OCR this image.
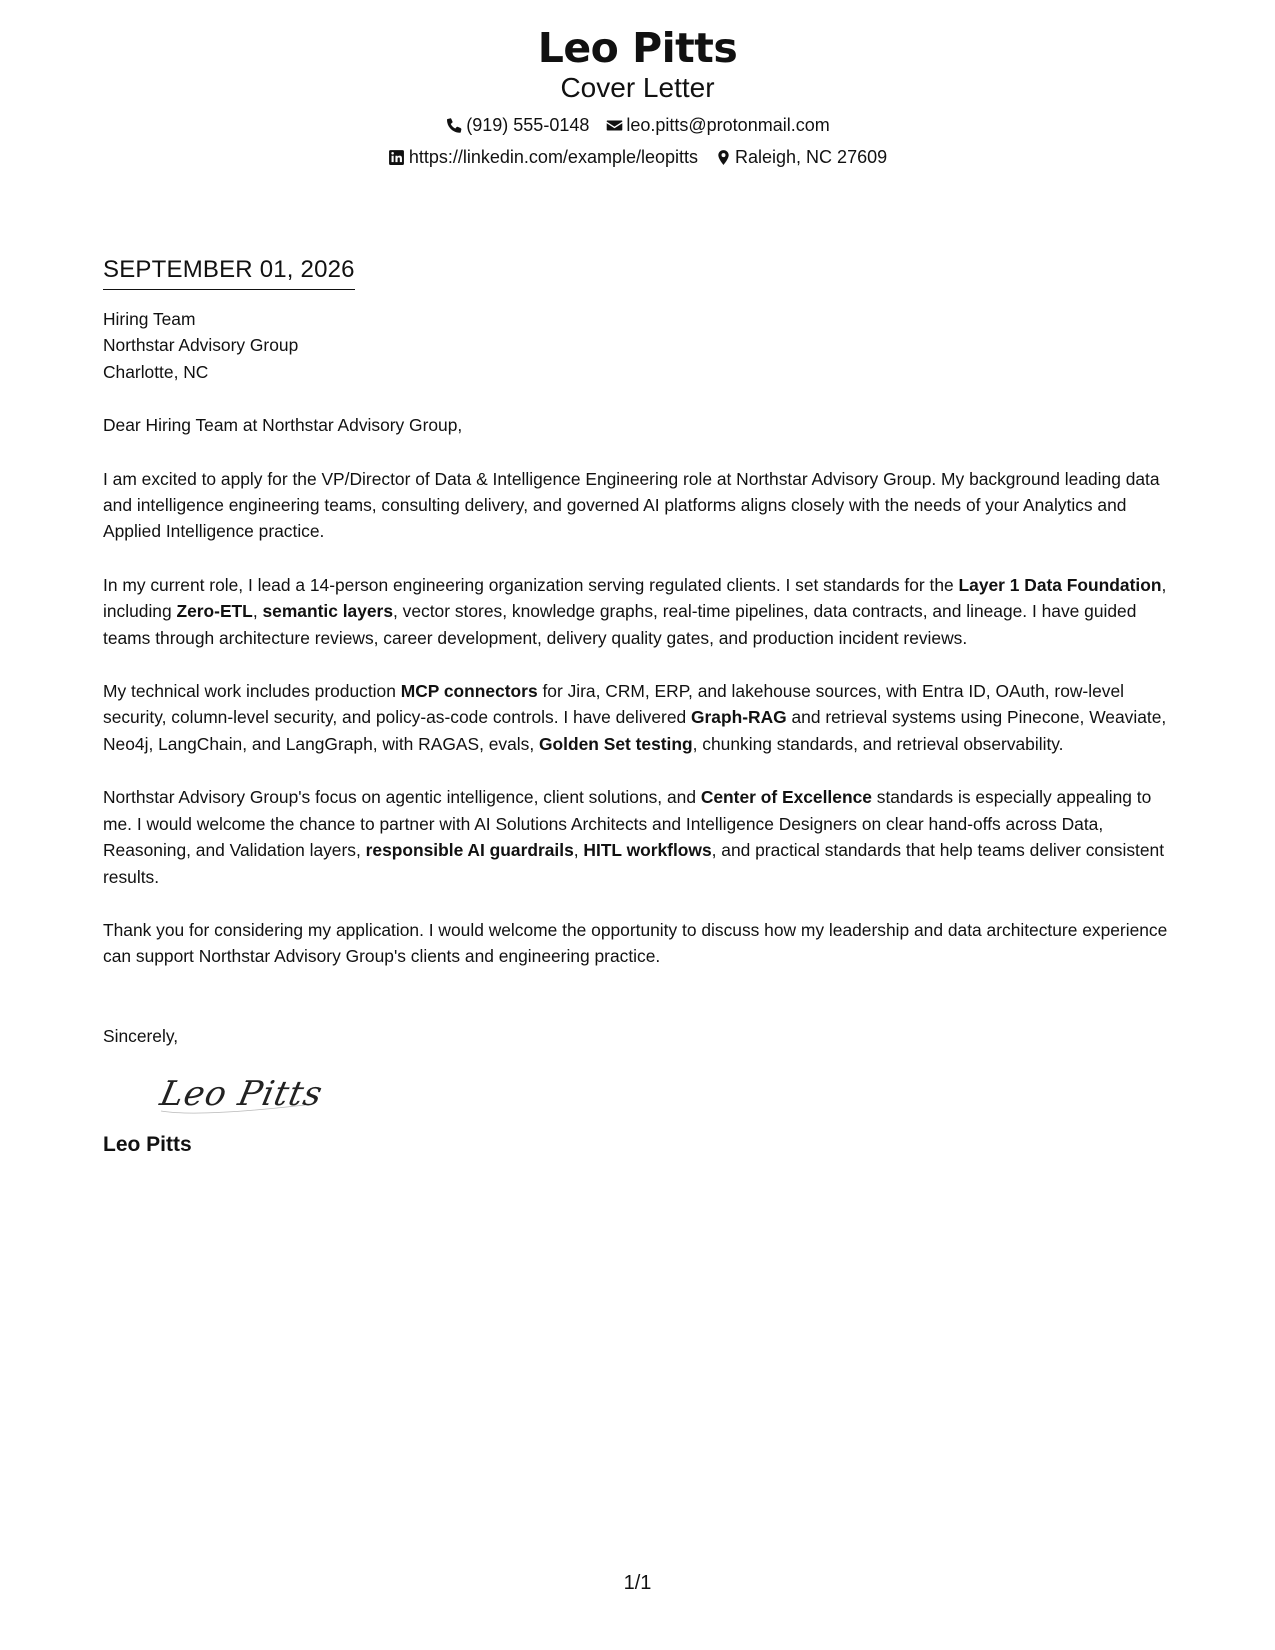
Leo Pitts
Cover Letter
(919) 555-0148 leo.pitts@protonmail.com
https://linkedin.com/example/leopitts Raleigh, NC 27609
SEPTEMBER 01, 2026
Hiring Team
Northstar Advisory Group
Charlotte, NC
Dear Hiring Team at Northstar Advisory Group,

I am excited to apply for the VP/Director of Data & Intelligence Engineering role at Northstar Advisory Group. My background leading data and intelligence engineering teams, consulting delivery, and governed AI platforms aligns closely with the needs of your Analytics and Applied Intelligence practice.

In my current role, I lead a 14-person engineering organization serving regulated clients. I set standards for the Layer 1 Data Foundation, including Zero-ETL, semantic layers, vector stores, knowledge graphs, real-time pipelines, data contracts, and lineage. I have guided teams through architecture reviews, career development, delivery quality gates, and production incident reviews.

My technical work includes production MCP connectors for Jira, CRM, ERP, and lakehouse sources, with Entra ID, OAuth, row-level security, column-level security, and policy-as-code controls. I have delivered Graph-RAG and retrieval systems using Pinecone, Weaviate, Neo4j, LangChain, and LangGraph, with RAGAS, evals, Golden Set testing, chunking standards, and retrieval observability.

Northstar Advisory Group's focus on agentic intelligence, client solutions, and Center of Excellence standards is especially appealing to me. I would welcome the chance to partner with AI Solutions Architects and Intelligence Designers on clear hand-offs across Data, Reasoning, and Validation layers, responsible AI guardrails, HITL workflows, and practical standards that help teams deliver consistent results.

Thank you for considering my application. I would welcome the opportunity to discuss how my leadership and data architecture experience can support Northstar Advisory Group's clients and engineering practice.

Sincerely,
Leo Pitts
Leo Pitts
1/1
